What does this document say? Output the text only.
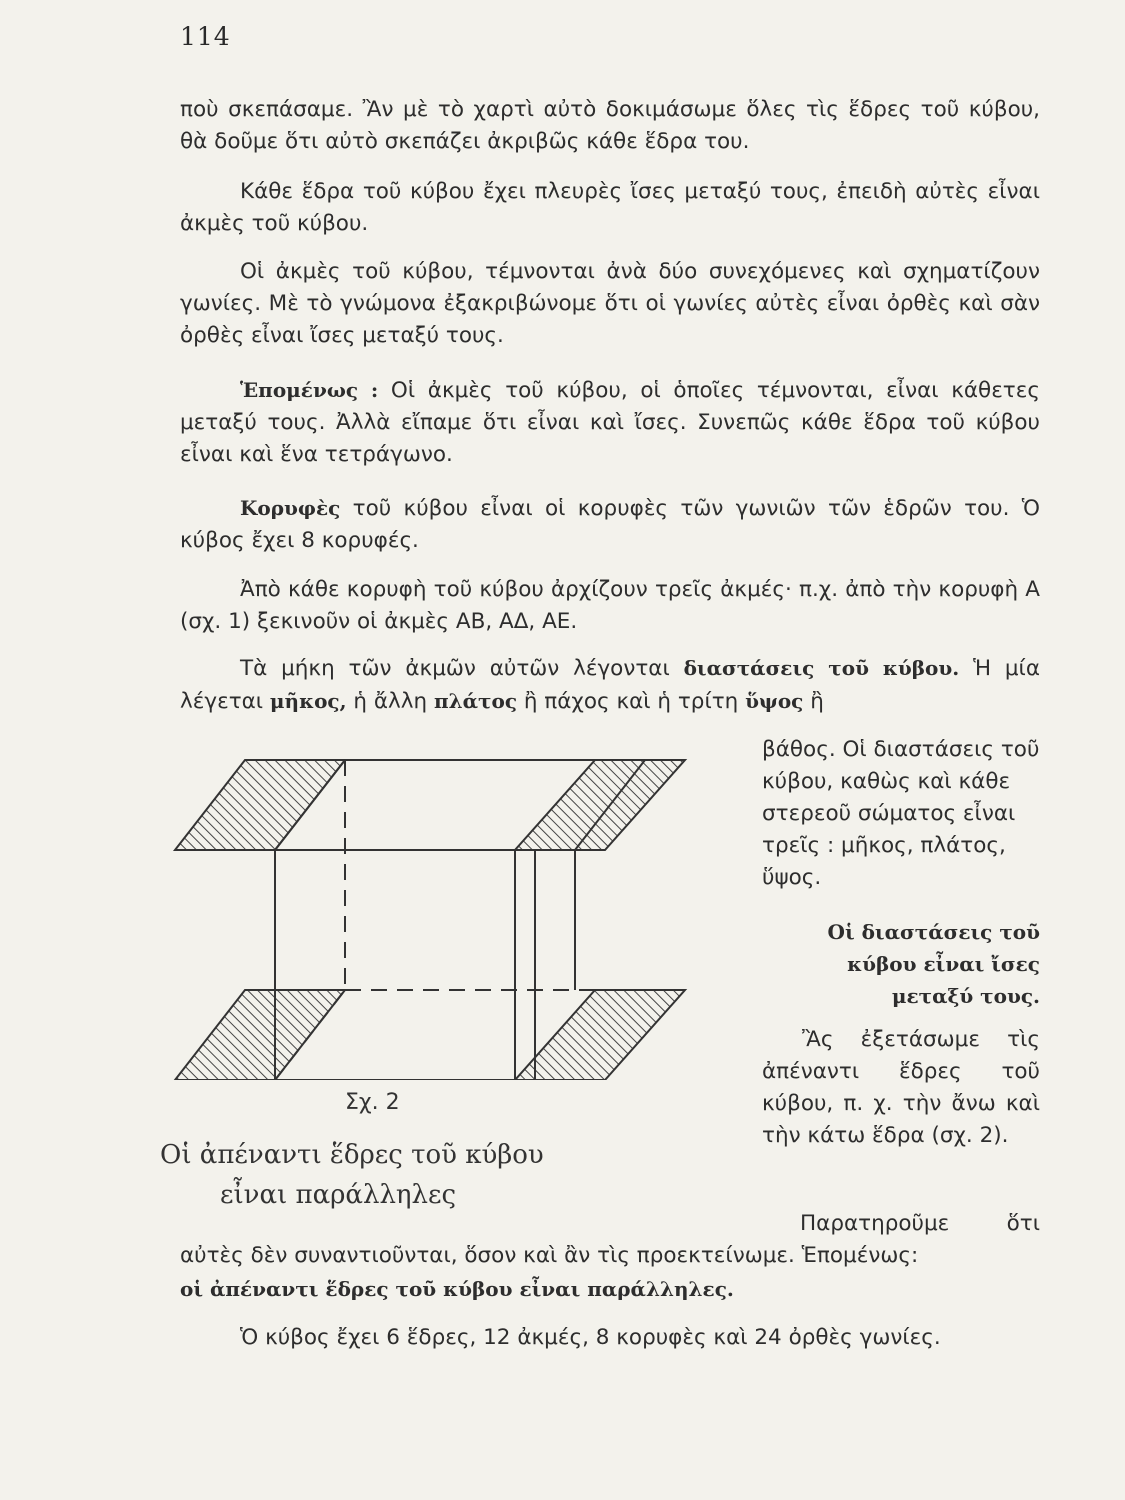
114
ποὺ σκεπάσαμε. Ἂν μὲ τὸ χαρτὶ αὐτὸ δοκιμάσωμε ὅλες τὶς ἕδρες τοῦ κύβου, θὰ δοῦμε ὅτι αὐτὸ σκεπάζει ἀκριβῶς κάθε ἕδρα του.
Κάθε ἕδρα τοῦ κύβου ἔχει πλευρὲς ἴσες μεταξύ τους, ἐπειδὴ αὐτὲς εἶναι ἀκμὲς τοῦ κύβου.
Οἱ ἀκμὲς τοῦ κύβου, τέμνονται ἀνὰ δύο συνεχόμενες καὶ σχηματίζουν γωνίες. Μὲ τὸ γνώμονα ἐξακριβώνομε ὅτι οἱ γωνίες αὐτὲς εἶναι ὀρθὲς καὶ σὰν ὀρθὲς εἶναι ἴσες μεταξύ τους.
Ἑπομένως : Οἱ ἀκμὲς τοῦ κύβου, οἱ ὁποῖες τέμνονται, εἶναι κάθετες μεταξύ τους. Ἀλλὰ εἴπαμε ὅτι εἶναι καὶ ἴσες. Συνεπῶς κάθε ἕδρα τοῦ κύβου εἶναι καὶ ἕνα τετράγωνο.
Κορυφὲς τοῦ κύβου εἶναι οἱ κορυφὲς τῶν γωνιῶν τῶν ἑδρῶν του. Ὁ κύβος ἔχει 8 κορυφές.
Ἀπὸ κάθε κορυφὴ τοῦ κύβου ἀρχίζουν τρεῖς ἀκμές· π.χ. ἀπὸ τὴν κορυφὴ Α (σχ. 1) ξεκινοῦν οἱ ἀκμὲς ΑΒ, ΑΔ, ΑΕ.
Τὰ μήκη τῶν ἀκμῶν αὐτῶν λέγονται διαστάσεις τοῦ κύβου. Ἡ μία λέγεται μῆκος, ἡ ἄλλη πλάτος ἢ πάχος καὶ ἡ τρίτη ὕψος ἢ
βάθος. Οἱ διαστάσεις τοῦ κύβου, καθὼς καὶ κάθε στερεοῦ σώματος εἶναι τρεῖς : μῆκος, πλάτος, ὕψος.
Οἱ διαστάσεις τοῦ κύβου εἶναι ἴσες μεταξύ τους.
Ἂς ἐξετάσωμε τὶς ἀπέναντι ἕδρες τοῦ κύβου, π. χ. τὴν ἄνω καὶ τὴν κάτω ἕδρα (σχ. 2).
Παρατηροῦμε ὅτι αὐτὲς δὲν συναντιοῦνται, ὅσον καὶ ἂν τὶς προεκτείνωμε. Ἑπομένως:
οἱ ἀπέναντι ἕδρες τοῦ κύβου εἶναι παράλληλες.
Ὁ κύβος ἔχει 6 ἕδρες, 12 ἀκμές, 8 κορυφὲς καὶ 24 ὀρθὲς γωνίες.
Σχ. 2
Οἱ ἀπέναντι ἕδρες τοῦ κύβου
εἶναι παράλληλες
